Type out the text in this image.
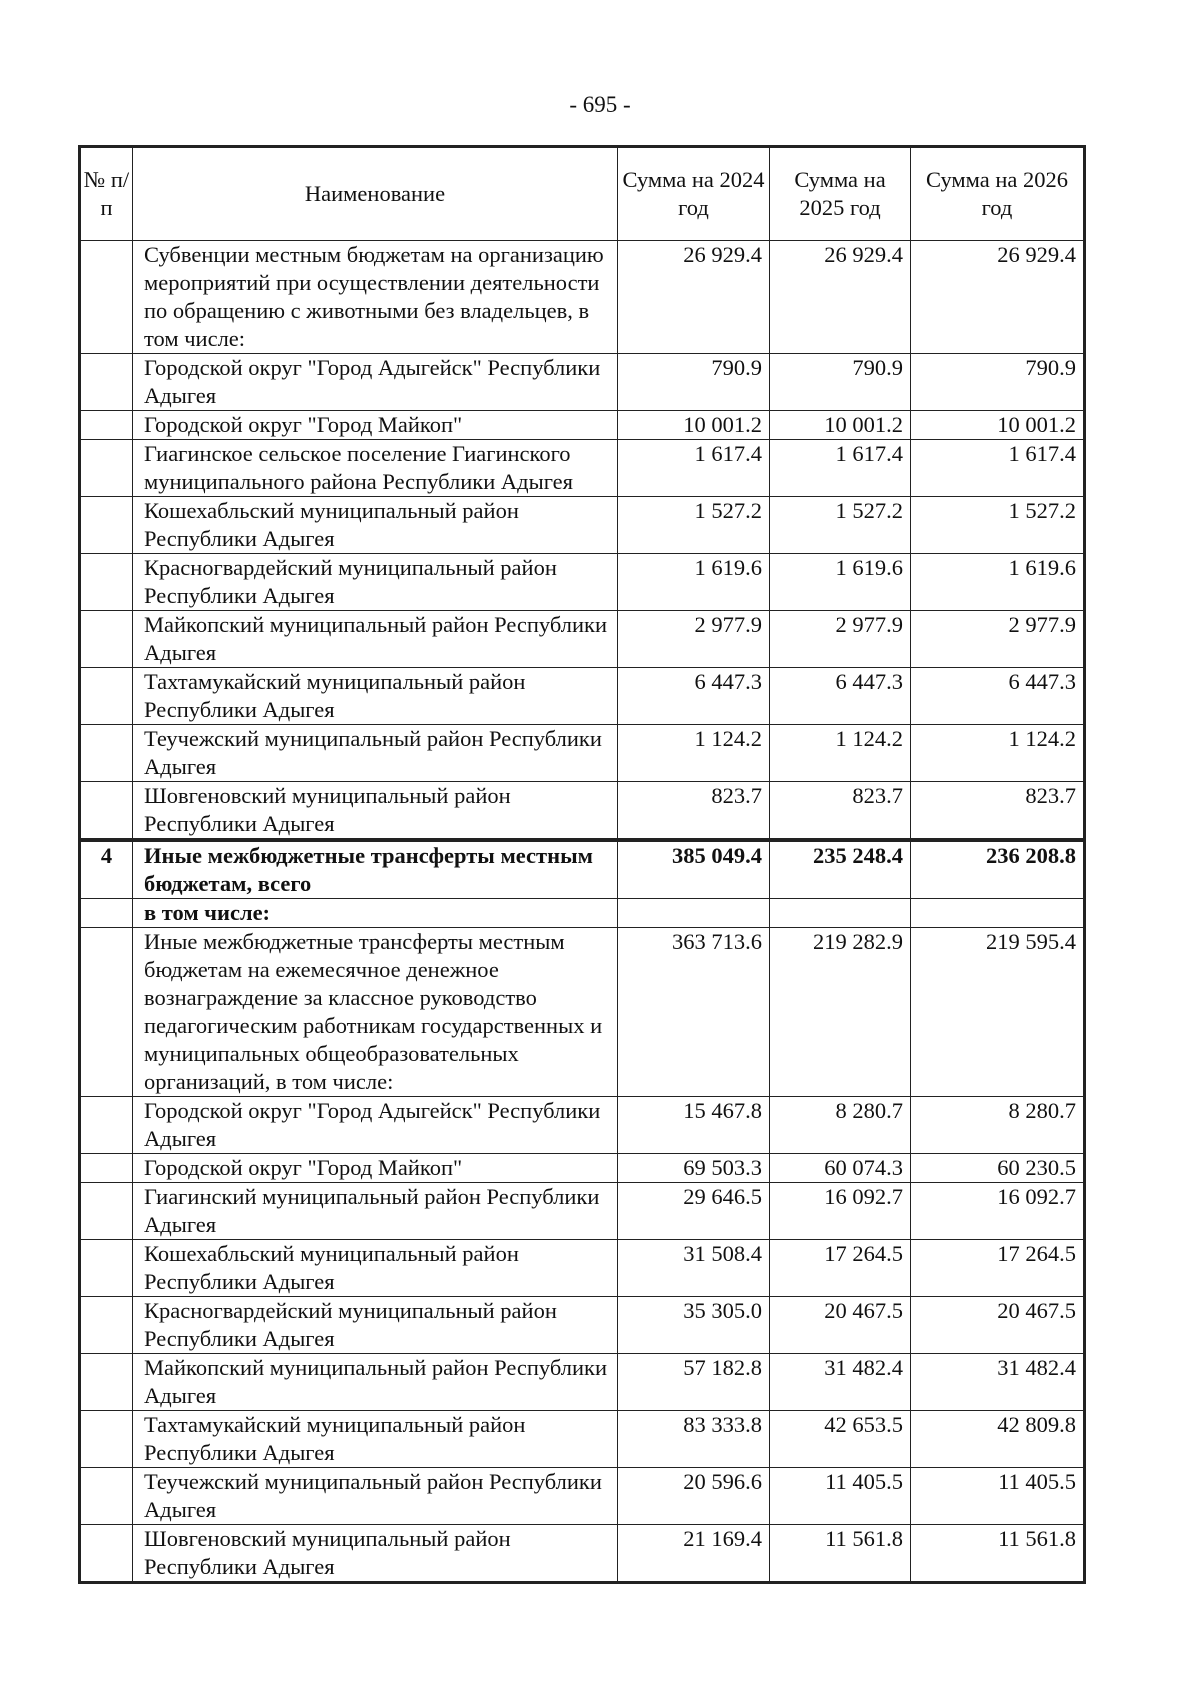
- 695 -
№ п/п	Наименование	Сумма на 2024 год	Сумма на 2025 год	Сумма на 2026 год
	Субвенции местным бюджетам на организацию мероприятий при осуществлении деятельности по обращению с животными без владельцев, в том числе:	26 929.4	26 929.4	26 929.4
	Городской округ "Город Адыгейск" Республики Адыгея	790.9	790.9	790.9
	Городской округ "Город Майкоп"	10 001.2	10 001.2	10 001.2
	Гиагинское сельское поселение Гиагинского муниципального района Республики Адыгея	1 617.4	1 617.4	1 617.4
	Кошехабльский муниципальный район Республики Адыгея	1 527.2	1 527.2	1 527.2
	Красногвардейский муниципальный район Республики Адыгея	1 619.6	1 619.6	1 619.6
	Майкопский муниципальный район Республики Адыгея	2 977.9	2 977.9	2 977.9
	Тахтамукайский муниципальный район Республики Адыгея	6 447.3	6 447.3	6 447.3
	Теучежский муниципальный район Республики Адыгея	1 124.2	1 124.2	1 124.2
	Шовгеновский муниципальный район Республики Адыгея	823.7	823.7	823.7
4	Иные межбюджетные трансферты местным бюджетам, всего	385 049.4	235 248.4	236 208.8
	в том числе:			
	Иные межбюджетные трансферты местным бюджетам на ежемесячное денежное вознаграждение за классное руководство педагогическим работникам государственных и муниципальных общеобразовательных организаций, в том числе:	363 713.6	219 282.9	219 595.4
	Городской округ "Город Адыгейск" Республики Адыгея	15 467.8	8 280.7	8 280.7
	Городской округ "Город Майкоп"	69 503.3	60 074.3	60 230.5
	Гиагинский муниципальный район Республики Адыгея	29 646.5	16 092.7	16 092.7
	Кошехабльский муниципальный район Республики Адыгея	31 508.4	17 264.5	17 264.5
	Красногвардейский муниципальный район Республики Адыгея	35 305.0	20 467.5	20 467.5
	Майкопский муниципальный район Республики Адыгея	57 182.8	31 482.4	31 482.4
	Тахтамукайский муниципальный район Республики Адыгея	83 333.8	42 653.5	42 809.8
	Теучежский муниципальный район Республики Адыгея	20 596.6	11 405.5	11 405.5
	Шовгеновский муниципальный район Республики Адыгея	21 169.4	11 561.8	11 561.8
